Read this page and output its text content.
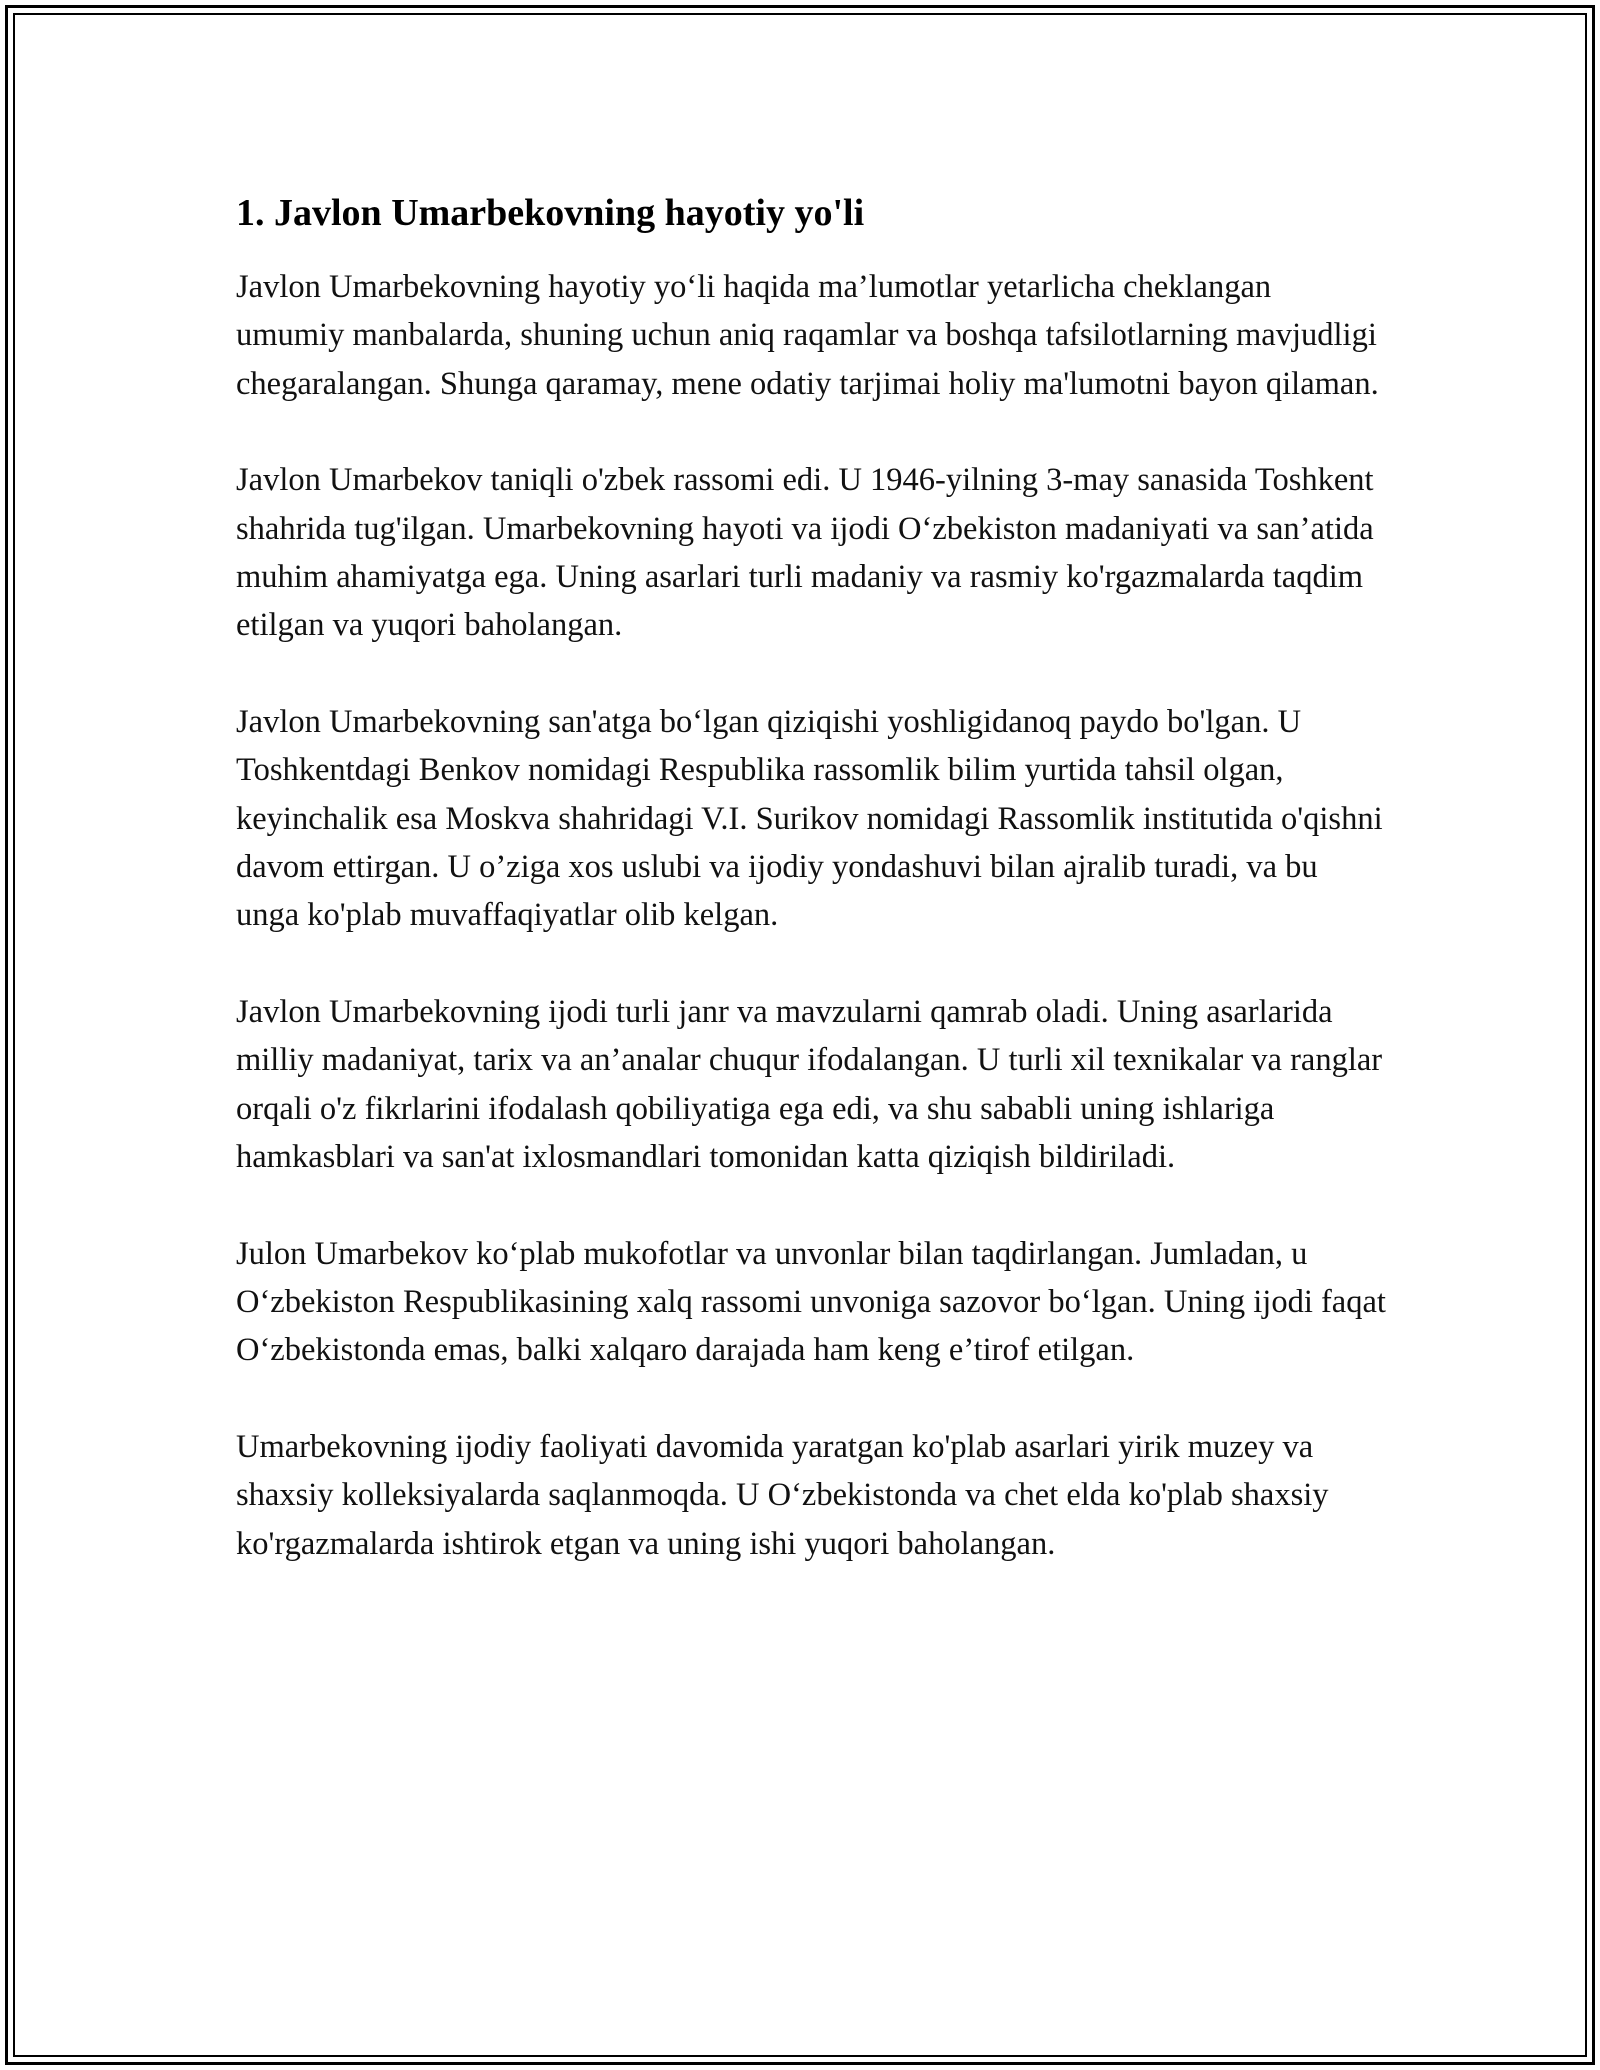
1. Javlon Umarbekovning hayotiy yo'li

Javlon Umarbekovning hayotiy yo‘li haqida ma’lumotlar yetarlicha cheklangan umumiy manbalarda, shuning uchun aniq raqamlar va boshqa tafsilotlarning mavjudligi chegaralangan. Shunga qaramay, mene odatiy tarjimai holiy ma'lumotni bayon qilaman.

Javlon Umarbekov taniqli o'zbek rassomi edi. U 1946-yilning 3-may sanasida Toshkent shahrida tug'ilgan. Umarbekovning hayoti va ijodi O‘zbekiston madaniyati va san’atida muhim ahamiyatga ega. Uning asarlari turli madaniy va rasmiy ko'rgazmalarda taqdim etilgan va yuqori baholangan.

Javlon Umarbekovning san'atga bo‘lgan qiziqishi yoshligidanoq paydo bo'lgan. U Toshkentdagi Benkov nomidagi Respublika rassomlik bilim yurtida tahsil olgan, keyinchalik esa Moskva shahridagi V.I. Surikov nomidagi Rassomlik institutida o'qishni davom ettirgan. U o’ziga xos uslubi va ijodiy yondashuvi bilan ajralib turadi, va bu unga ko'plab muvaffaqiyatlar olib kelgan.

Javlon Umarbekovning ijodi turli janr va mavzularni qamrab oladi. Uning asarlarida milliy madaniyat, tarix va an’analar chuqur ifodalangan. U turli xil texnikalar va ranglar orqali o'z fikrlarini ifodalash qobiliyatiga ega edi, va shu sababli uning ishlariga hamkasblari va san'at ixlosmandlari tomonidan katta qiziqish bildiriladi.

Julon Umarbekov ko‘plab mukofotlar va unvonlar bilan taqdirlangan. Jumladan, u O‘zbekiston Respublikasining xalq rassomi unvoniga sazovor bo‘lgan. Uning ijodi faqat O‘zbekistonda emas, balki xalqaro darajada ham keng e’tirof etilgan.

Umarbekovning ijodiy faoliyati davomida yaratgan ko'plab asarlari yirik muzey va shaxsiy kolleksiyalarda saqlanmoqda. U O‘zbekistonda va chet elda ko'plab shaxsiy ko'rgazmalarda ishtirok etgan va uning ishi yuqori baholangan.
